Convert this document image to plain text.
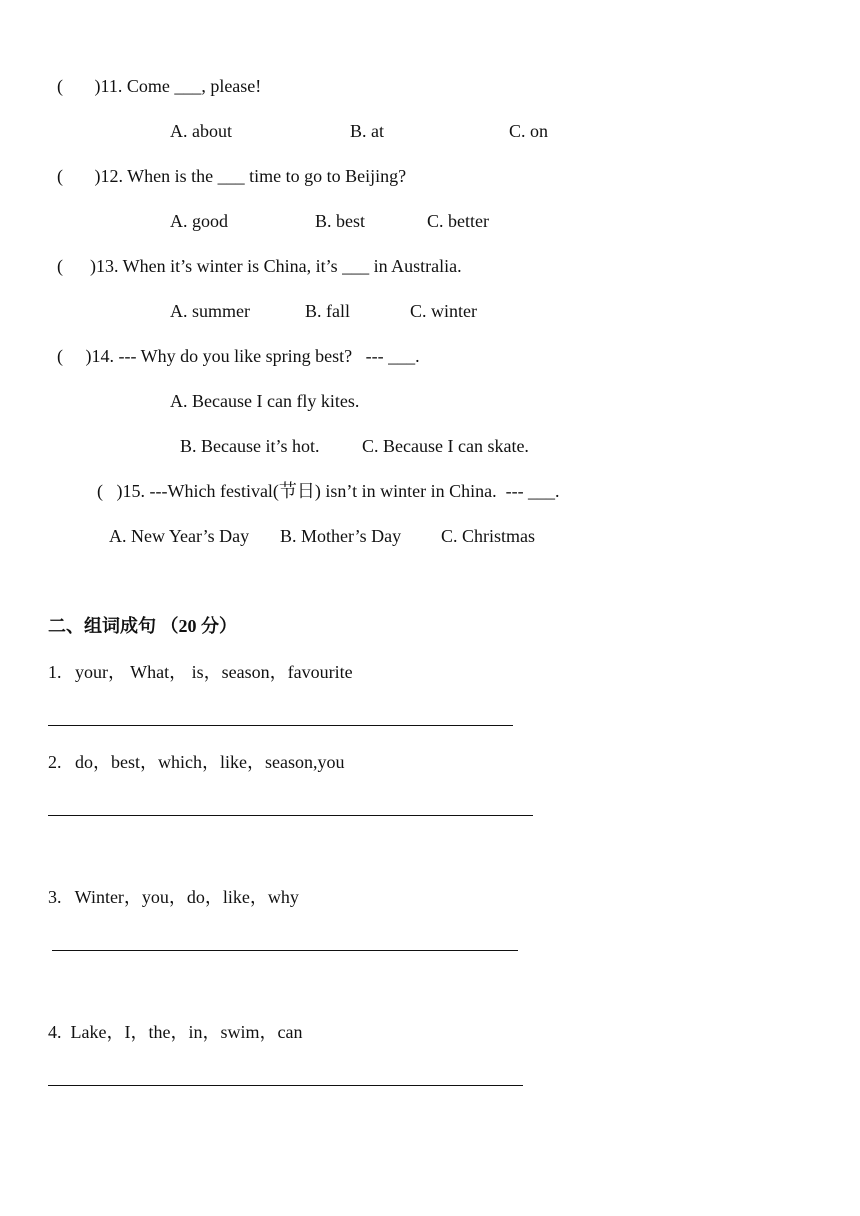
(       )11. Come ___, please!
A. about	B. at	C. on
(       )12. When is the ___ time to go to Beijing?
A. good	B. best	C. better
(      )13. When it’s winter is China, it’s ___ in Australia.
A. summer	B. fall	C. winter
(     )14. --- Why do you like spring best?   --- ___.
A. Because I can fly kites.
B. Because it’s hot. C. Because I can skate.
(   )15. ---Which festival(节日) isn’t in winter in China.  --- ___.
A. New Year’s Day B. Mother’s Day C. Christmas
二、组词成句 （20 分）
1.   your， What， is，season，favourite
2.   do，best，which，like，season,you
3.   Winter，you，do，like，why
4.  Lake，I，the，in，swim，can
